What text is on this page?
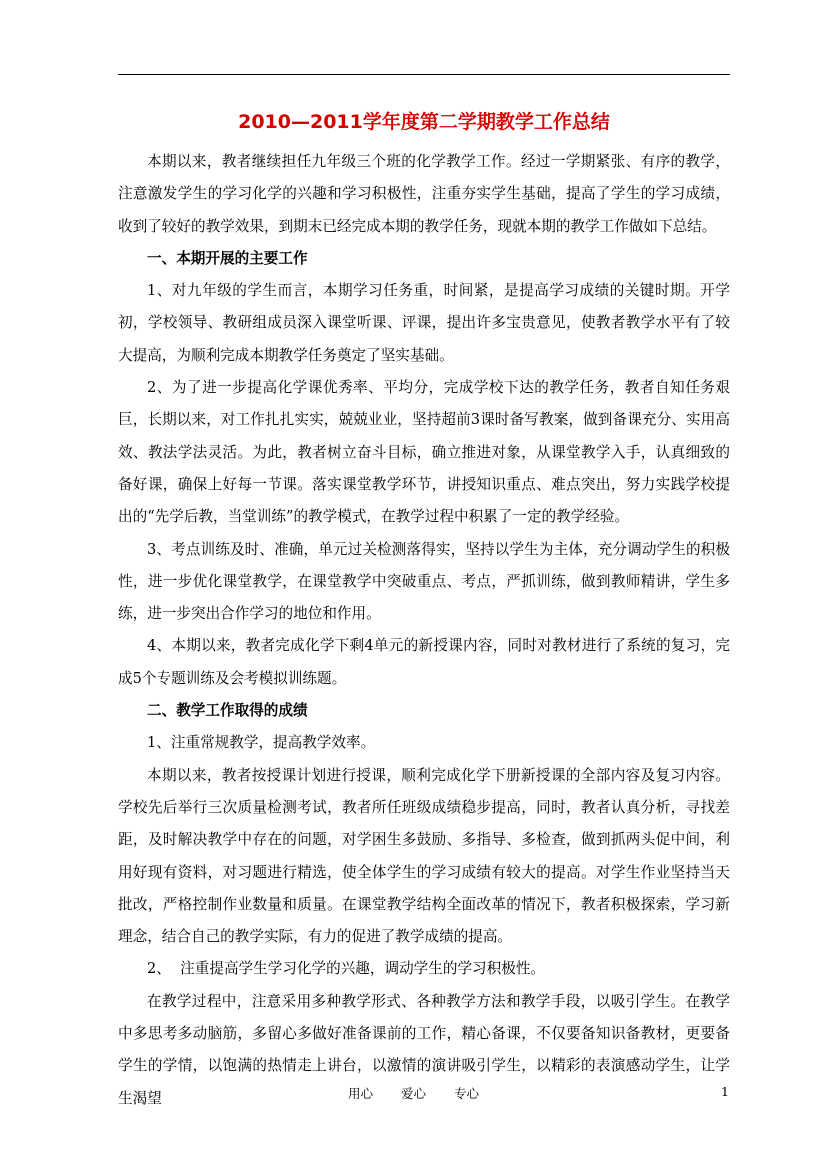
2010—2011学年度第二学期教学工作总结

本期以来，教者继续担任九年级三个班的化学教学工作。经过一学期紧张、有序的教学，注意激发学生的学习化学的兴趣和学习积极性，注重夯实学生基础，提高了学生的学习成绩，收到了较好的教学效果，到期末已经完成本期的教学任务，现就本期的教学工作做如下总结。

一、本期开展的主要工作

1、对九年级的学生而言，本期学习任务重，时间紧，是提高学习成绩的关键时期。开学初，学校领导、教研组成员深入课堂听课、评课，提出许多宝贵意见，使教者教学水平有了较大提高，为顺利完成本期教学任务奠定了坚实基础。

2、为了进一步提高化学课优秀率、平均分，完成学校下达的教学任务，教者自知任务艰巨，长期以来，对工作扎扎实实，兢兢业业，坚持超前3课时备写教案，做到备课充分、实用高效、教法学法灵活。为此，教者树立奋斗目标，确立推进对象，从课堂教学入手，认真细致的备好课，确保上好每一节课。落实课堂教学环节，讲授知识重点、难点突出，努力实践学校提出的“先学后教，当堂训练”的教学模式，在教学过程中积累了一定的教学经验。

3、考点训练及时、准确，单元过关检测落得实，坚持以学生为主体，充分调动学生的积极性，进一步优化课堂教学，在课堂教学中突破重点、考点，严抓训练，做到教师精讲，学生多练，进一步突出合作学习的地位和作用。

4、本期以来，教者完成化学下剩4单元的新授课内容，同时对教材进行了系统的复习，完成5个专题训练及会考模拟训练题。

二、教学工作取得的成绩

1、注重常规教学，提高教学效率。

本期以来，教者按授课计划进行授课，顺利完成化学下册新授课的全部内容及复习内容。学校先后举行三次质量检测考试，教者所任班级成绩稳步提高，同时，教者认真分析，寻找差距，及时解决教学中存在的问题，对学困生多鼓励、多指导、多检查，做到抓两头促中间，利用好现有资料，对习题进行精选，使全体学生的学习成绩有较大的提高。对学生作业坚持当天批改，严格控制作业数量和质量。在课堂教学结构全面改革的情况下，教者积极探索，学习新理念，结合自己的教学实际，有力的促进了教学成绩的提高。

2、  注重提高学生学习化学的兴趣，调动学生的学习积极性。

在教学过程中，注意采用多种教学形式、各种教学方法和教学手段，以吸引学生。在教学中多思考多动脑筋，多留心多做好准备课前的工作，精心备课，不仅要备知识备教材，更要备学生的学情，以饱满的热情走上讲台，以激情的演讲吸引学生，以精彩的表演感动学生，让学生渴望	用心 爱心 专心	1
